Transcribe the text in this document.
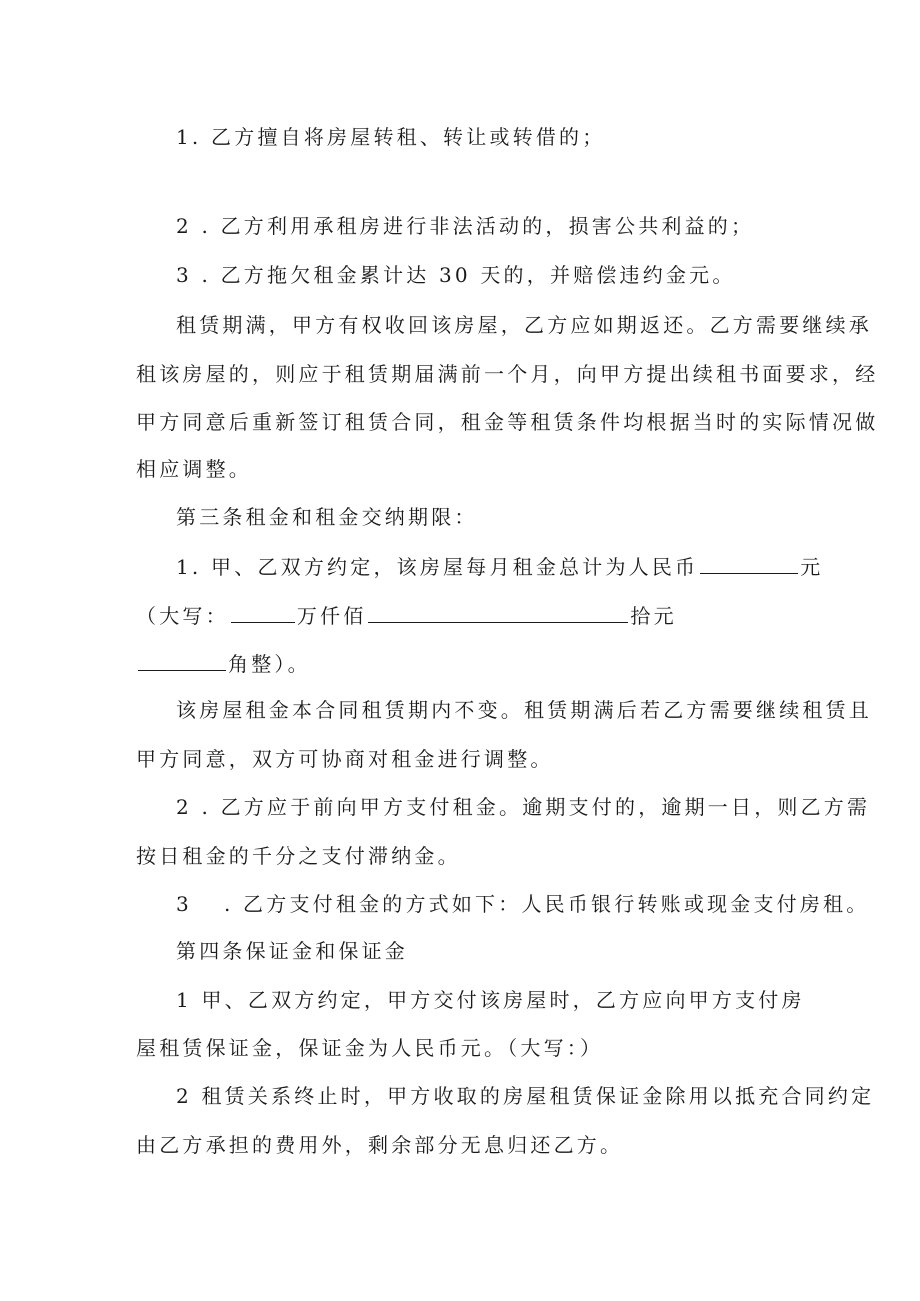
1. 乙方擅自将房屋转租、转让或转借的；
2 . 乙方利用承租房进行非法活动的，损害公共利益的；
3 . 乙方拖欠租金累计达 30 天的，并赔偿违约金元。
租赁期满，甲方有权收回该房屋，乙方应如期返还。乙方需要继续承
租该房屋的，则应于租赁期届满前一个月，向甲方提出续租书面要求，经
甲方同意后重新签订租赁合同，租金等租赁条件均根据当时的实际情况做
相应调整。
第三条租金和租金交纳期限：
1. 甲、乙双方约定，该房屋每月租金总计为人民币	元
（大写：	万仟佰	拾元
角整）。
该房屋租金本合同租赁期内不变。租赁期满后若乙方需要继续租赁且
甲方同意，双方可协商对租金进行调整。
2 . 乙方应于前向甲方支付租金。逾期支付的，逾期一日，则乙方需
按日租金的千分之支付滞纳金。
3 . 乙方支付租金的方式如下：人民币银行转账或现金支付房租。
第四条保证金和保证金
1 甲、乙双方约定，甲方交付该房屋时，乙方应向甲方支付房
屋租赁保证金，保证金为人民币元。（大写：）
2 租赁关系终止时，甲方收取的房屋租赁保证金除用以抵充合同约定
由乙方承担的费用外，剩余部分无息归还乙方。
